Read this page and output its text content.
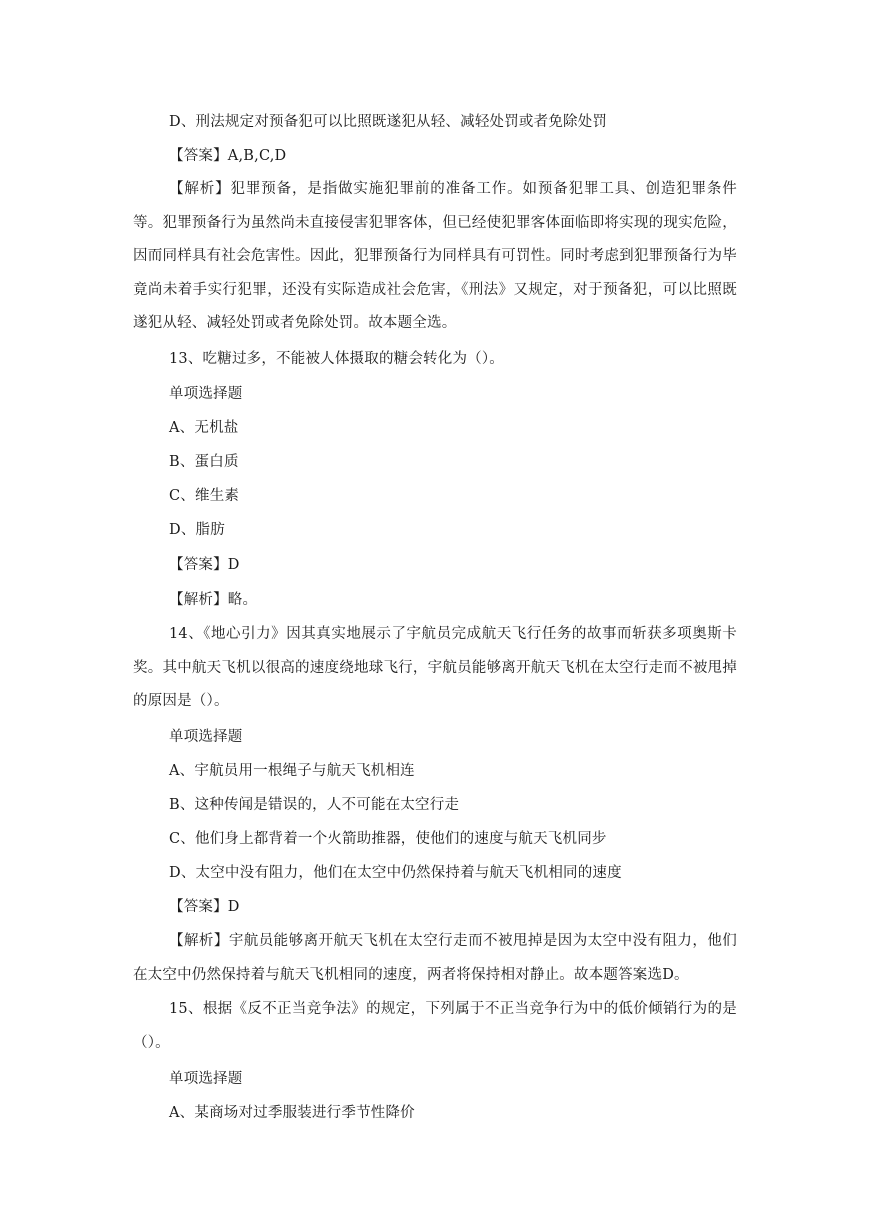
D、刑法规定对预备犯可以比照既遂犯从轻、减轻处罚或者免除处罚
【答案】A,B,C,D
【解析】犯罪预备，是指做实施犯罪前的准备工作。如预备犯罪工具、创造犯罪条件等。犯罪预备行为虽然尚未直接侵害犯罪客体，但已经使犯罪客体面临即将实现的现实危险，因而同样具有社会危害性。因此，犯罪预备行为同样具有可罚性。同时考虑到犯罪预备行为毕竟尚未着手实行犯罪，还没有实际造成社会危害，《刑法》又规定，对于预备犯，可以比照既遂犯从轻、减轻处罚或者免除处罚。故本题全选。
13、吃糖过多，不能被人体摄取的糖会转化为（）。
单项选择题
A、无机盐
B、蛋白质
C、维生素
D、脂肪
【答案】D
【解析】略。
14、《地心引力》因其真实地展示了宇航员完成航天飞行任务的故事而斩获多项奥斯卡奖。其中航天飞机以很高的速度绕地球飞行，宇航员能够离开航天飞机在太空行走而不被甩掉的原因是（）。
单项选择题
A、宇航员用一根绳子与航天飞机相连
B、这种传闻是错误的，人不可能在太空行走
C、他们身上都背着一个火箭助推器，使他们的速度与航天飞机同步
D、太空中没有阻力，他们在太空中仍然保持着与航天飞机相同的速度
【答案】D
【解析】宇航员能够离开航天飞机在太空行走而不被甩掉是因为太空中没有阻力，他们在太空中仍然保持着与航天飞机相同的速度，两者将保持相对静止。故本题答案选D。
15、根据《反不正当竞争法》的规定，下列属于不正当竞争行为中的低价倾销行为的是（）。
单项选择题
A、某商场对过季服装进行季节性降价
